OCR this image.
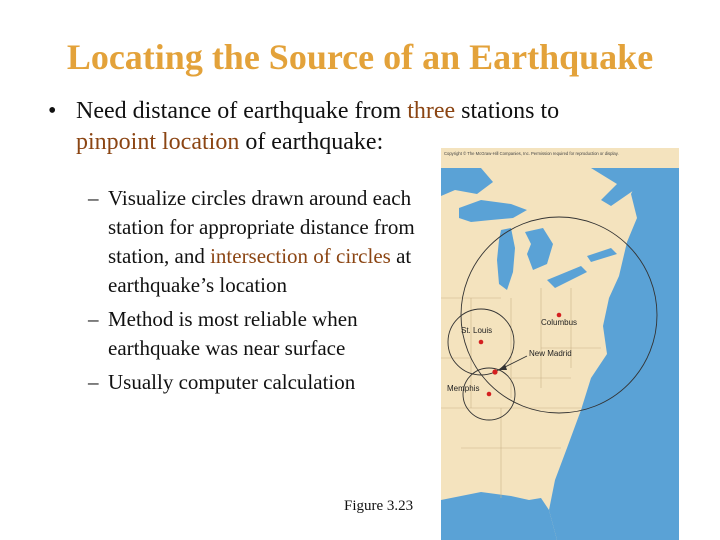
Locating the Source of an Earthquake
• Need distance of earthquake from three stations to
pinpoint location of earthquake:
– Visualize circles drawn around each station for appropriate distance from station, and intersection of circles at earthquake’s location
– Method is most reliable when earthquake was near surface
– Usually computer calculation
Figure 3.23
Copyright © The McGraw-Hill Companies, Inc. Permission required for reproduction or display.
St. Louis
Columbus
New Madrid
Memphis
